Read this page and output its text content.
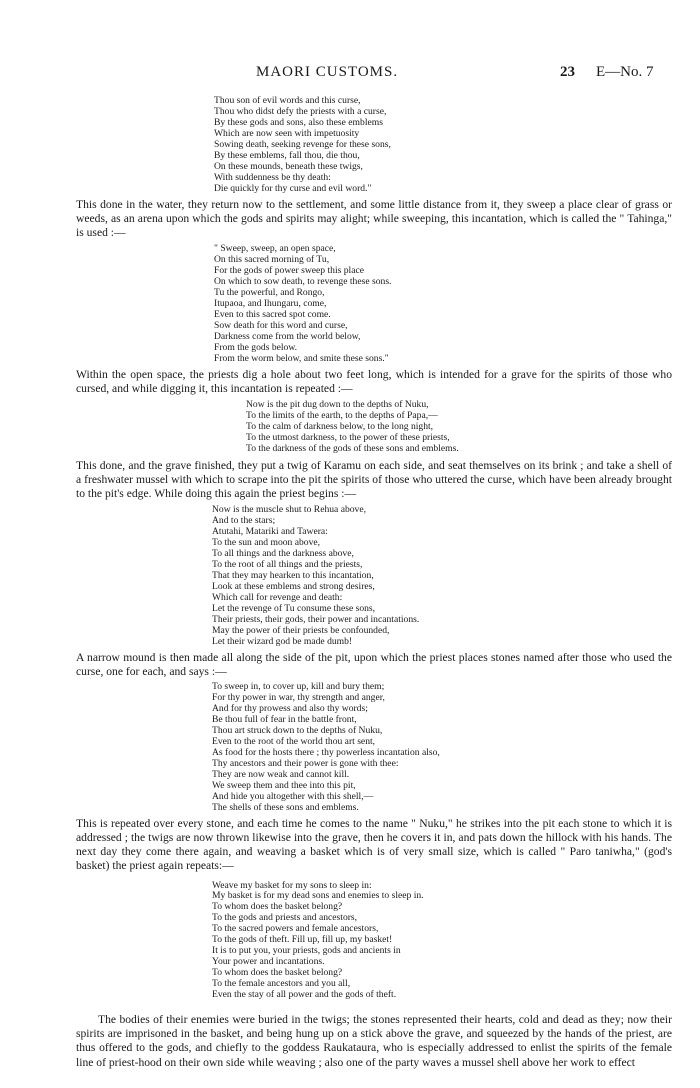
MAORI CUSTOMS.	23 E—No. 7
Thou son of evil words and this curse,
Thou who didst defy the priests with a curse,
By these gods and sons, also these emblems
Which are now seen with impetuosity
Sowing death, seeking revenge for these sons,
By these emblems, fall thou, die thou,
On these mounds, beneath these twigs,
With suddenness be thy death:
Die quickly for thy curse and evil word."

This done in the water, they return now to the settlement, and some little distance from it, they sweep a place clear of grass or weeds, as an arena upon which the gods and spirits may alight; while sweeping, this incantation, which is called the " Tahinga," is used :—

" Sweep, sweep, an open space,
On this sacred morning of Tu,
For the gods of power sweep this place
On which to sow death, to revenge these sons.
Tu the powerful, and Rongo,
Itupaoa, and Ihungaru, come,
Even to this sacred spot come.
Sow death for this word and curse,
Darkness come from the world below,
From the gods below.
From the worm below, and smite these sons."

Within the open space, the priests dig a hole about two feet long, which is intended for a grave for the spirits of those who cursed, and while digging it, this incantation is repeated :—

Now is the pit dug down to the depths of Nuku,
To the limits of the earth, to the depths of Papa,—
To the calm of darkness below, to the long night,
To the utmost darkness, to the power of these priests,
To the darkness of the gods of these sons and emblems.

This done, and the grave finished, they put a twig of Karamu on each side, and seat themselves on its brink ; and take a shell of a freshwater mussel with which to scrape into the pit the spirits of those who uttered the curse, which have been already brought to the pit's edge. While doing this again the priest begins :—

Now is the muscle shut to Rehua above,
And to the stars;
Atutahi, Matariki and Tawera:
To the sun and moon above,
To all things and the darkness above,
To the root of all things and the priests,
That they may hearken to this incantation,
Look at these emblems and strong desires,
Which call for revenge and death:
Let the revenge of Tu consume these sons,
Their priests, their gods, their power and incantations.
May the power of their priests be confounded,
Let their wizard god be made dumb!

A narrow mound is then made all along the side of the pit, upon which the priest places stones named after those who used the curse, one for each, and says :—

To sweep in, to cover up, kill and bury them;
For thy power in war, thy strength and anger,
And for thy prowess and also thy words;
Be thou full of fear in the battle front,
Thou art struck down to the depths of Nuku,
Even to the root of the world thou art sent,
As food for the hosts there ; thy powerless incantation also,
Thy ancestors and their power is gone with thee:
They are now weak and cannot kill.
We sweep them and thee into this pit,
And hide you altogether with this shell,—
The shells of these sons and emblems.

This is repeated over every stone, and each time he comes to the name " Nuku," he strikes into the pit each stone to which it is addressed ; the twigs are now thrown likewise into the grave, then he covers it in, and pats down the hillock with his hands. The next day they come there again, and weaving a basket which is of very small size, which is called " Paro taniwha," (god's basket) the priest again repeats:—

Weave my basket for my sons to sleep in:
My basket is for my dead sons and enemies to sleep in.
To whom does the basket belong?
To the gods and priests and ancestors,
To the sacred powers and female ancestors,
To the gods of theft. Fill up, fill up, my basket!
It is to put you, your priests, gods and ancients in
Your power and incantations.
To whom does the basket belong?
To the female ancestors and you all,
Even the stay of all power and the gods of theft.

The bodies of their enemies were buried in the twigs; the stones represented their hearts, cold and dead as they; now their spirits are imprisoned in the basket, and being hung up on a stick above the grave, and squeezed by the hands of the priest, are thus offered to the gods, and chiefly to the goddess Raukataura, who is especially addressed to enlist the spirits of the female line of priest-hood on their own side while weaving ; also one of the party waves a mussel shell above her work to effect
